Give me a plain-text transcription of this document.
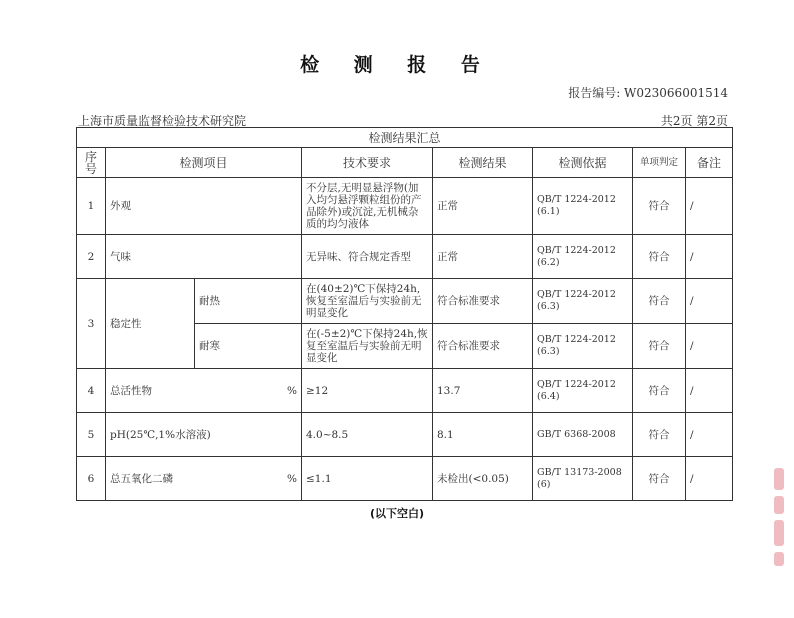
检 测 报 告
报告编号: W023066001514
上海市质量监督检验技术研究院	共2页 第2页
检测结果汇总							
序号	检测项目		技术要求	检测结果	检测依据	单项判定	备注
1	外观		不分层,无明显悬浮物(加入均匀悬浮颗粒组份的产品除外)或沉淀,无机械杂质的均匀液体	正常	QB/T 1224-2012 (6.1)	符合	/
2	气味		无异味、符合规定香型	正常	QB/T 1224-2012 (6.2)	符合	/
3	稳定性	耐热	在(40±2)℃下保持24h,恢复至室温后与实验前无明显变化	符合标准要求	QB/T 1224-2012 (6.3)	符合	/
		耐寒	在(-5±2)℃下保持24h,恢复至室温后与实验前无明显变化	符合标准要求	QB/T 1224-2012 (6.3)	符合	/
4	总活性物 %		≥12	13.7	QB/T 1224-2012 (6.4)	符合	/
5	pH(25℃,1%水溶液)		4.0~8.5	8.1	GB/T 6368-2008	符合	/
6	总五氧化二磷 %		≤1.1	未检出(<0.05)	GB/T 13173-2008 (6)	符合	/
(以下空白)
